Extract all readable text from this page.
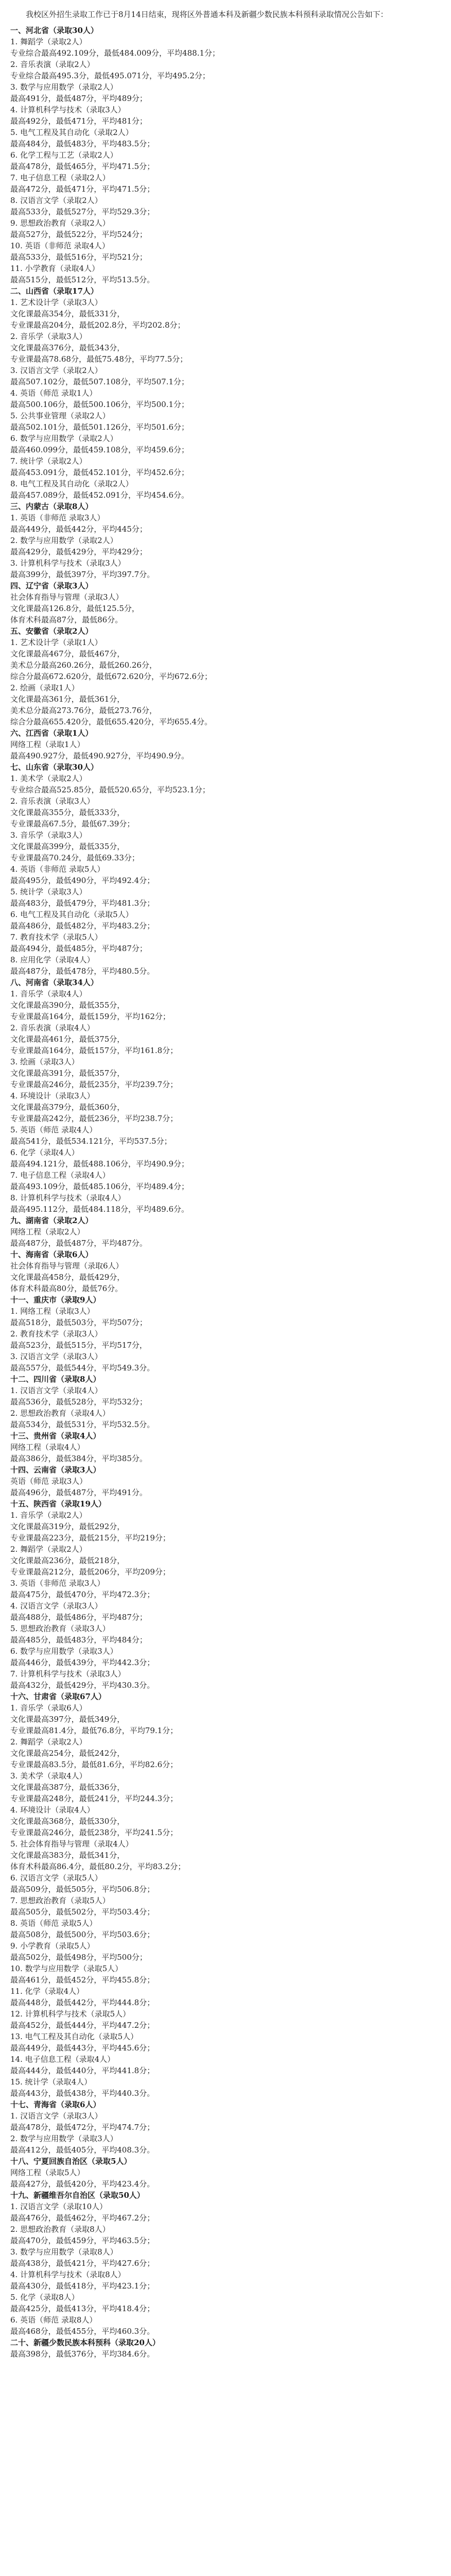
我校区外招生录取工作已于8月14日结束，现将区外普通本科及新疆少数民族本科预科录取情况公告如下：

一、河北省（录取30人）
1. 舞蹈学（录取2人）
专业综合最高492.109分，最低484.009分，平均488.1分；
2. 音乐表演（录取2人）
专业综合最高495.3分，最低495.071分，平均495.2分；
3. 数学与应用数学（录取2人）
最高491分，最低487分，平均489分；
4. 计算机科学与技术（录取3人）
最高492分，最低471分，平均481分；
5. 电气工程及其自动化（录取2人）
最高484分，最低483分，平均483.5分；
6. 化学工程与工艺（录取2人）
最高478分，最低465分，平均471.5分；
7. 电子信息工程（录取2人）
最高472分，最低471分，平均471.5分；
8. 汉语言文学（录取2人）
最高533分，最低527分，平均529.3分；
9. 思想政治教育（录取2人）
最高527分，最低522分，平均524分；
10. 英语（非师范 录取4人）
最高533分，最低516分，平均521分；
11. 小学教育（录取4人）
最高515分，最低512分，平均513.5分。
二、山西省（录取17人）
1. 艺术设计学（录取3人）
文化课最高354分，最低331分，
专业课最高204分，最低202.8分，平均202.8分；
2. 音乐学（录取3人）
文化课最高376分，最低343分，
专业课最高78.68分，最低75.48分，平均77.5分；
3. 汉语言文学（录取2人）
最高507.102分，最低507.108分，平均507.1分；
4. 英语（师范 录取1人）
最高500.106分，最低500.106分，平均500.1分；
5. 公共事业管理（录取2人）
最高502.101分，最低501.126分，平均501.6分；
6. 数学与应用数学（录取2人）
最高460.099分，最低459.108分，平均459.6分；
7. 统计学（录取2人）
最高453.091分，最低452.101分，平均452.6分；
8. 电气工程及其自动化（录取2人）
最高457.089分，最低452.091分，平均454.6分。
三、内蒙古（录取8人）
1. 英语（非师范 录取3人）
最高449分，最低442分，平均445分；
2. 数学与应用数学（录取2人）
最高429分，最低429分，平均429分；
3. 计算机科学与技术（录取3人）
最高399分，最低397分，平均397.7分。
四、辽宁省（录取3人）
社会体育指导与管理（录取3人）
文化课最高126.8分，最低125.5分，
体育术科最高87分，最低86分。
五、安徽省（录取2人）
1. 艺术设计学（录取1人）
文化课最高467分，最低467分，
美术总分最高260.26分，最低260.26分，
综合分最高672.620分，最低672.620分，平均672.6分；
2. 绘画（录取1人）
文化课最高361分，最低361分，
美术总分最高273.76分，最低273.76分，
综合分最高655.420分，最低655.420分，平均655.4分。
六、江西省（录取1人）
网络工程（录取1人）
最高490.927分，最低490.927分，平均490.9分。
七、山东省（录取30人）
1. 美术学（录取2人）
专业综合最高525.85分，最低520.65分，平均523.1分；
2. 音乐表演（录取3人）
文化课最高355分，最低333分，
专业课最高67.5分，最低67.39分；
3. 音乐学（录取3人）
文化课最高399分，最低335分，
专业课最高70.24分，最低69.33分；
4. 英语（非师范 录取5人）
最高495分，最低490分，平均492.4分；
5. 统计学（录取3人）
最高483分，最低479分，平均481.3分；
6. 电气工程及其自动化（录取5人）
最高486分，最低482分，平均483.2分；
7. 教育技术学（录取5人）
最高494分，最低485分，平均487分；
8. 应用化学（录取4人）
最高487分，最低478分，平均480.5分。
八、河南省（录取34人）
1. 音乐学（录取4人）
文化课最高390分，最低355分，
专业课最高164分，最低159分，平均162分；
2. 音乐表演（录取4人）
文化课最高461分，最低375分，
专业课最高164分，最低157分，平均161.8分；
3. 绘画（录取3人）
文化课最高391分，最低357分，
专业课最高246分，最低235分，平均239.7分；
4. 环境设计（录取3人）
文化课最高379分，最低360分，
专业课最高242分，最低236分，平均238.7分；
5. 英语（师范 录取4人）
最高541分，最低534.121分，平均537.5分；
6. 化学（录取4人）
最高494.121分，最低488.106分，平均490.9分；
7. 电子信息工程（录取4人）
最高493.109分，最低485.106分，平均489.4分；
8. 计算机科学与技术（录取4人）
最高495.112分，最低484.118分，平均489.6分。
九、湖南省（录取2人）
网络工程（录取2人）
最高487分，最低487分，平均487分。
十、海南省（录取6人）
社会体育指导与管理（录取6人）
文化课最高458分，最低429分，
体育术科最高80分，最低76分。
十一、重庆市（录取9人）
1. 网络工程（录取3人）
最高518分，最低503分，平均507分；
2. 教育技术学（录取3人）
最高523分，最低515分，平均517分，
3. 汉语言文学（录取3人）
最高557分，最低544分，平均549.3分。
十二、四川省（录取8人）
1. 汉语言文学（录取4人）
最高536分，最低528分，平均532分；
2. 思想政治教育（录取4人）
最高534分，最低531分，平均532.5分。
十三、贵州省（录取4人）
网络工程（录取4人）
最高386分，最低384分，平均385分。
十四、云南省（录取3人）
英语（师范 录取3人）
最高496分，最低487分，平均491分。
十五、陕西省（录取19人）
1. 音乐学（录取2人）
文化课最高319分，最低292分，
专业课最高223分，最低215分，平均219分；
2. 舞蹈学（录取2人）
文化课最高236分，最低218分，
专业课最高212分，最低206分，平均209分；
3. 英语（非师范 录取3人）
最高475分，最低470分，平均472.3分；
4. 汉语言文学（录取3人）
最高488分，最低486分，平均487分；
5. 思想政治教育（录取3人）
最高485分，最低483分，平均484分；
6. 数学与应用数学（录取3人）
最高446分，最低439分，平均442.3分；
7. 计算机科学与技术（录取3人）
最高432分，最低429分，平均430.3分。
十六、甘肃省（录取67人）
1. 音乐学（录取6人）
文化课最高397分，最低349分，
专业课最高81.4分，最低76.8分，平均79.1分；
2. 舞蹈学（录取2人）
文化课最高254分，最低242分，
专业课最高83.5分，最低81.6分，平均82.6分；
3. 美术学（录取4人）
文化课最高387分，最低336分，
专业课最高248分，最低241分，平均244.3分；
4. 环境设计（录取4人）
文化课最高368分，最低330分，
专业课最高246分，最低238分，平均241.5分；
5. 社会体育指导与管理（录取4人）
文化课最高383分，最低341分，
体育术科最高86.4分，最低80.2分，平均83.2分；
6. 汉语言文学（录取5人）
最高509分，最低505分，平均506.8分；
7. 思想政治教育（录取5人）
最高505分，最低502分，平均503.4分；
8. 英语（师范 录取5人）
最高508分，最低500分，平均503.6分；
9. 小学教育（录取5人）
最高502分，最低498分，平均500分；
10. 数学与应用数学（录取5人）
最高461分，最低452分，平均455.8分；
11. 化学（录取4人）
最高448分，最低442分，平均444.8分；
12. 计算机科学与技术（录取5人）
最高452分，最低444分，平均447.2分；
13. 电气工程及其自动化（录取5人）
最高449分，最低443分，平均445.6分；
14. 电子信息工程（录取4人）
最高444分，最低440分，平均441.8分；
15. 统计学（录取4人）
最高443分，最低438分，平均440.3分。
十七、青海省（录取6人）
1. 汉语言文学（录取3人）
最高478分，最低472分，平均474.7分；
2. 数学与应用数学（录取3人）
最高412分，最低405分，平均408.3分。
十八、宁夏回族自治区（录取5人）
网络工程（录取5人）
最高427分，最低420分，平均423.4分。
十九、新疆维吾尔自治区（录取50人）
1. 汉语言文学（录取10人）
最高476分，最低462分，平均467.2分；
2. 思想政治教育（录取8人）
最高470分，最低459分，平均463.5分；
3. 数学与应用数学（录取8人）
最高438分，最低421分，平均427.6分；
4. 计算机科学与技术（录取8人）
最高430分，最低418分，平均423.1分；
5. 化学（录取8人）
最高425分，最低413分，平均418.4分；
6. 英语（师范 录取8人）
最高468分，最低455分，平均460.3分。
二十、新疆少数民族本科预科（录取20人）
最高398分，最低376分，平均384.6分。
